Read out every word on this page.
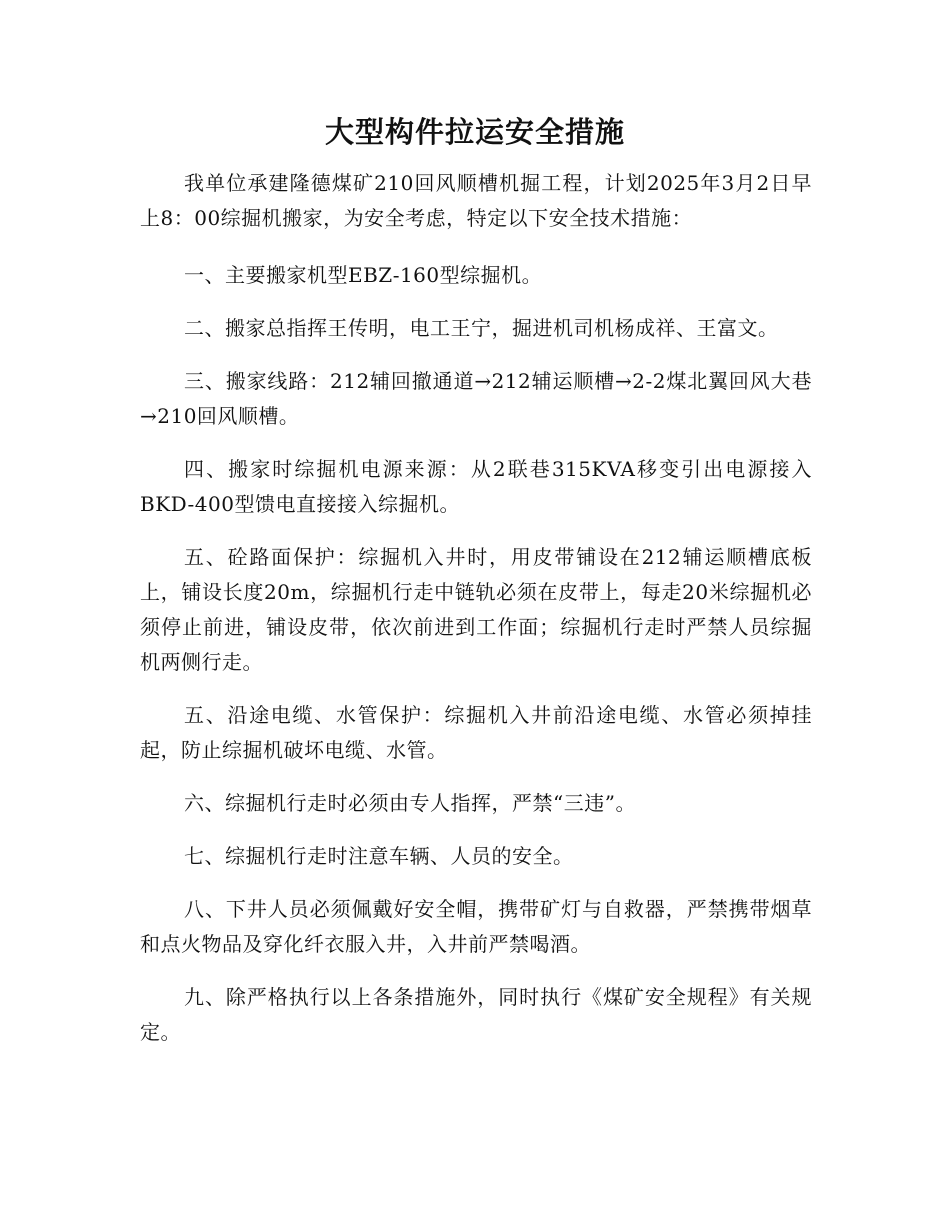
大型构件拉运安全措施

我单位承建隆德煤矿210回风顺槽机掘工程，计划2025年3月2日早上8：00综掘机搬家，为安全考虑，特定以下安全技术措施：

一、主要搬家机型EBZ-160型综掘机。

二、搬家总指挥王传明，电工王宁，掘进机司机杨成祥、王富文。

三、搬家线路：212辅回撤通道→212辅运顺槽→2-2煤北翼回风大巷→210回风顺槽。

四、搬家时综掘机电源来源：从2联巷315KVA移变引出电源接入BKD-400型馈电直接接入综掘机。

五、砼路面保护：综掘机入井时，用皮带铺设在212辅运顺槽底板上，铺设长度20m，综掘机行走中链轨必须在皮带上，每走20米综掘机必须停止前进，铺设皮带，依次前进到工作面；综掘机行走时严禁人员综掘机两侧行走。

五、沿途电缆、水管保护：综掘机入井前沿途电缆、水管必须掉挂起，防止综掘机破坏电缆、水管。

六、综掘机行走时必须由专人指挥，严禁“三违”。

七、综掘机行走时注意车辆、人员的安全。

八、下井人员必须佩戴好安全帽，携带矿灯与自救器，严禁携带烟草和点火物品及穿化纤衣服入井，入井前严禁喝酒。

九、除严格执行以上各条措施外，同时执行《煤矿安全规程》有关规定。
